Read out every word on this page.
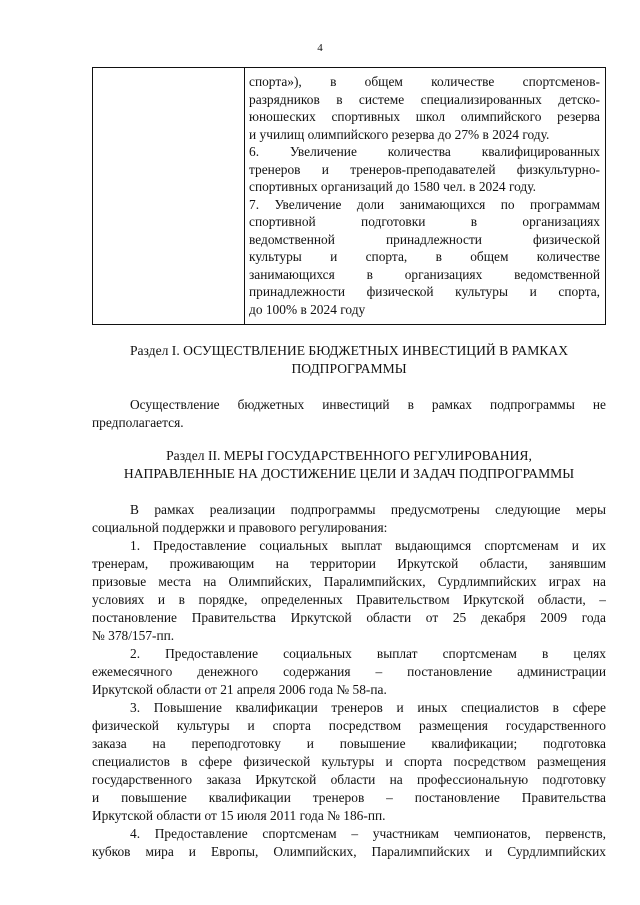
4

спорта»), в общем количестве спортсменов-

разрядников в системе специализированных детско-

юношеских спортивных школ олимпийского резерва

и училищ олимпийского резерва до 27% в 2024 году.

6. Увеличение количества квалифицированных

тренеров и тренеров-преподавателей физкультурно-

спортивных организаций до 1580 чел. в 2024 году.

7. Увеличение доли занимающихся по программам

спортивной подготовки в организациях

ведомственной принадлежности физической

культуры и спорта, в общем количестве

занимающихся в организациях ведомственной

принадлежности физической культуры и спорта,

до 100% в 2024 году

Раздел I. ОСУЩЕСТВЛЕНИЕ БЮДЖЕТНЫХ ИНВЕСТИЦИЙ В РАМКАХ
ПОДПРОГРАММЫ

Осуществление бюджетных инвестиций в рамках подпрограммы не

предполагается.

Раздел II. МЕРЫ ГОСУДАРСТВЕННОГО РЕГУЛИРОВАНИЯ,
НАПРАВЛЕННЫЕ НА ДОСТИЖЕНИЕ ЦЕЛИ И ЗАДАЧ ПОДПРОГРАММЫ

В рамках реализации подпрограммы предусмотрены следующие меры

социальной поддержки и правового регулирования:

1. Предоставление социальных выплат выдающимся спортсменам и их

тренерам, проживающим на территории Иркутской области, занявшим

призовые места на Олимпийских, Паралимпийских, Сурдлимпийских играх на

условиях и в порядке, определенных Правительством Иркутской области, –

постановление Правительства Иркутской области от 25 декабря 2009 года

№ 378/157-пп.

2. Предоставление социальных выплат спортсменам в целях

ежемесячного денежного содержания – постановление администрации

Иркутской области от 21 апреля 2006 года № 58-па.

3. Повышение квалификации тренеров и иных специалистов в сфере

физической культуры и спорта посредством размещения государственного

заказа на переподготовку и повышение квалификации; подготовка

специалистов в сфере физической культуры и спорта посредством размещения

государственного заказа Иркутской области на профессиональную подготовку

и повышение квалификации тренеров – постановление Правительства

Иркутской области от 15 июля 2011 года № 186-пп.

4. Предоставление спортсменам – участникам чемпионатов, первенств,

кубков мира и Европы, Олимпийских, Паралимпийских и Сурдлимпийских
